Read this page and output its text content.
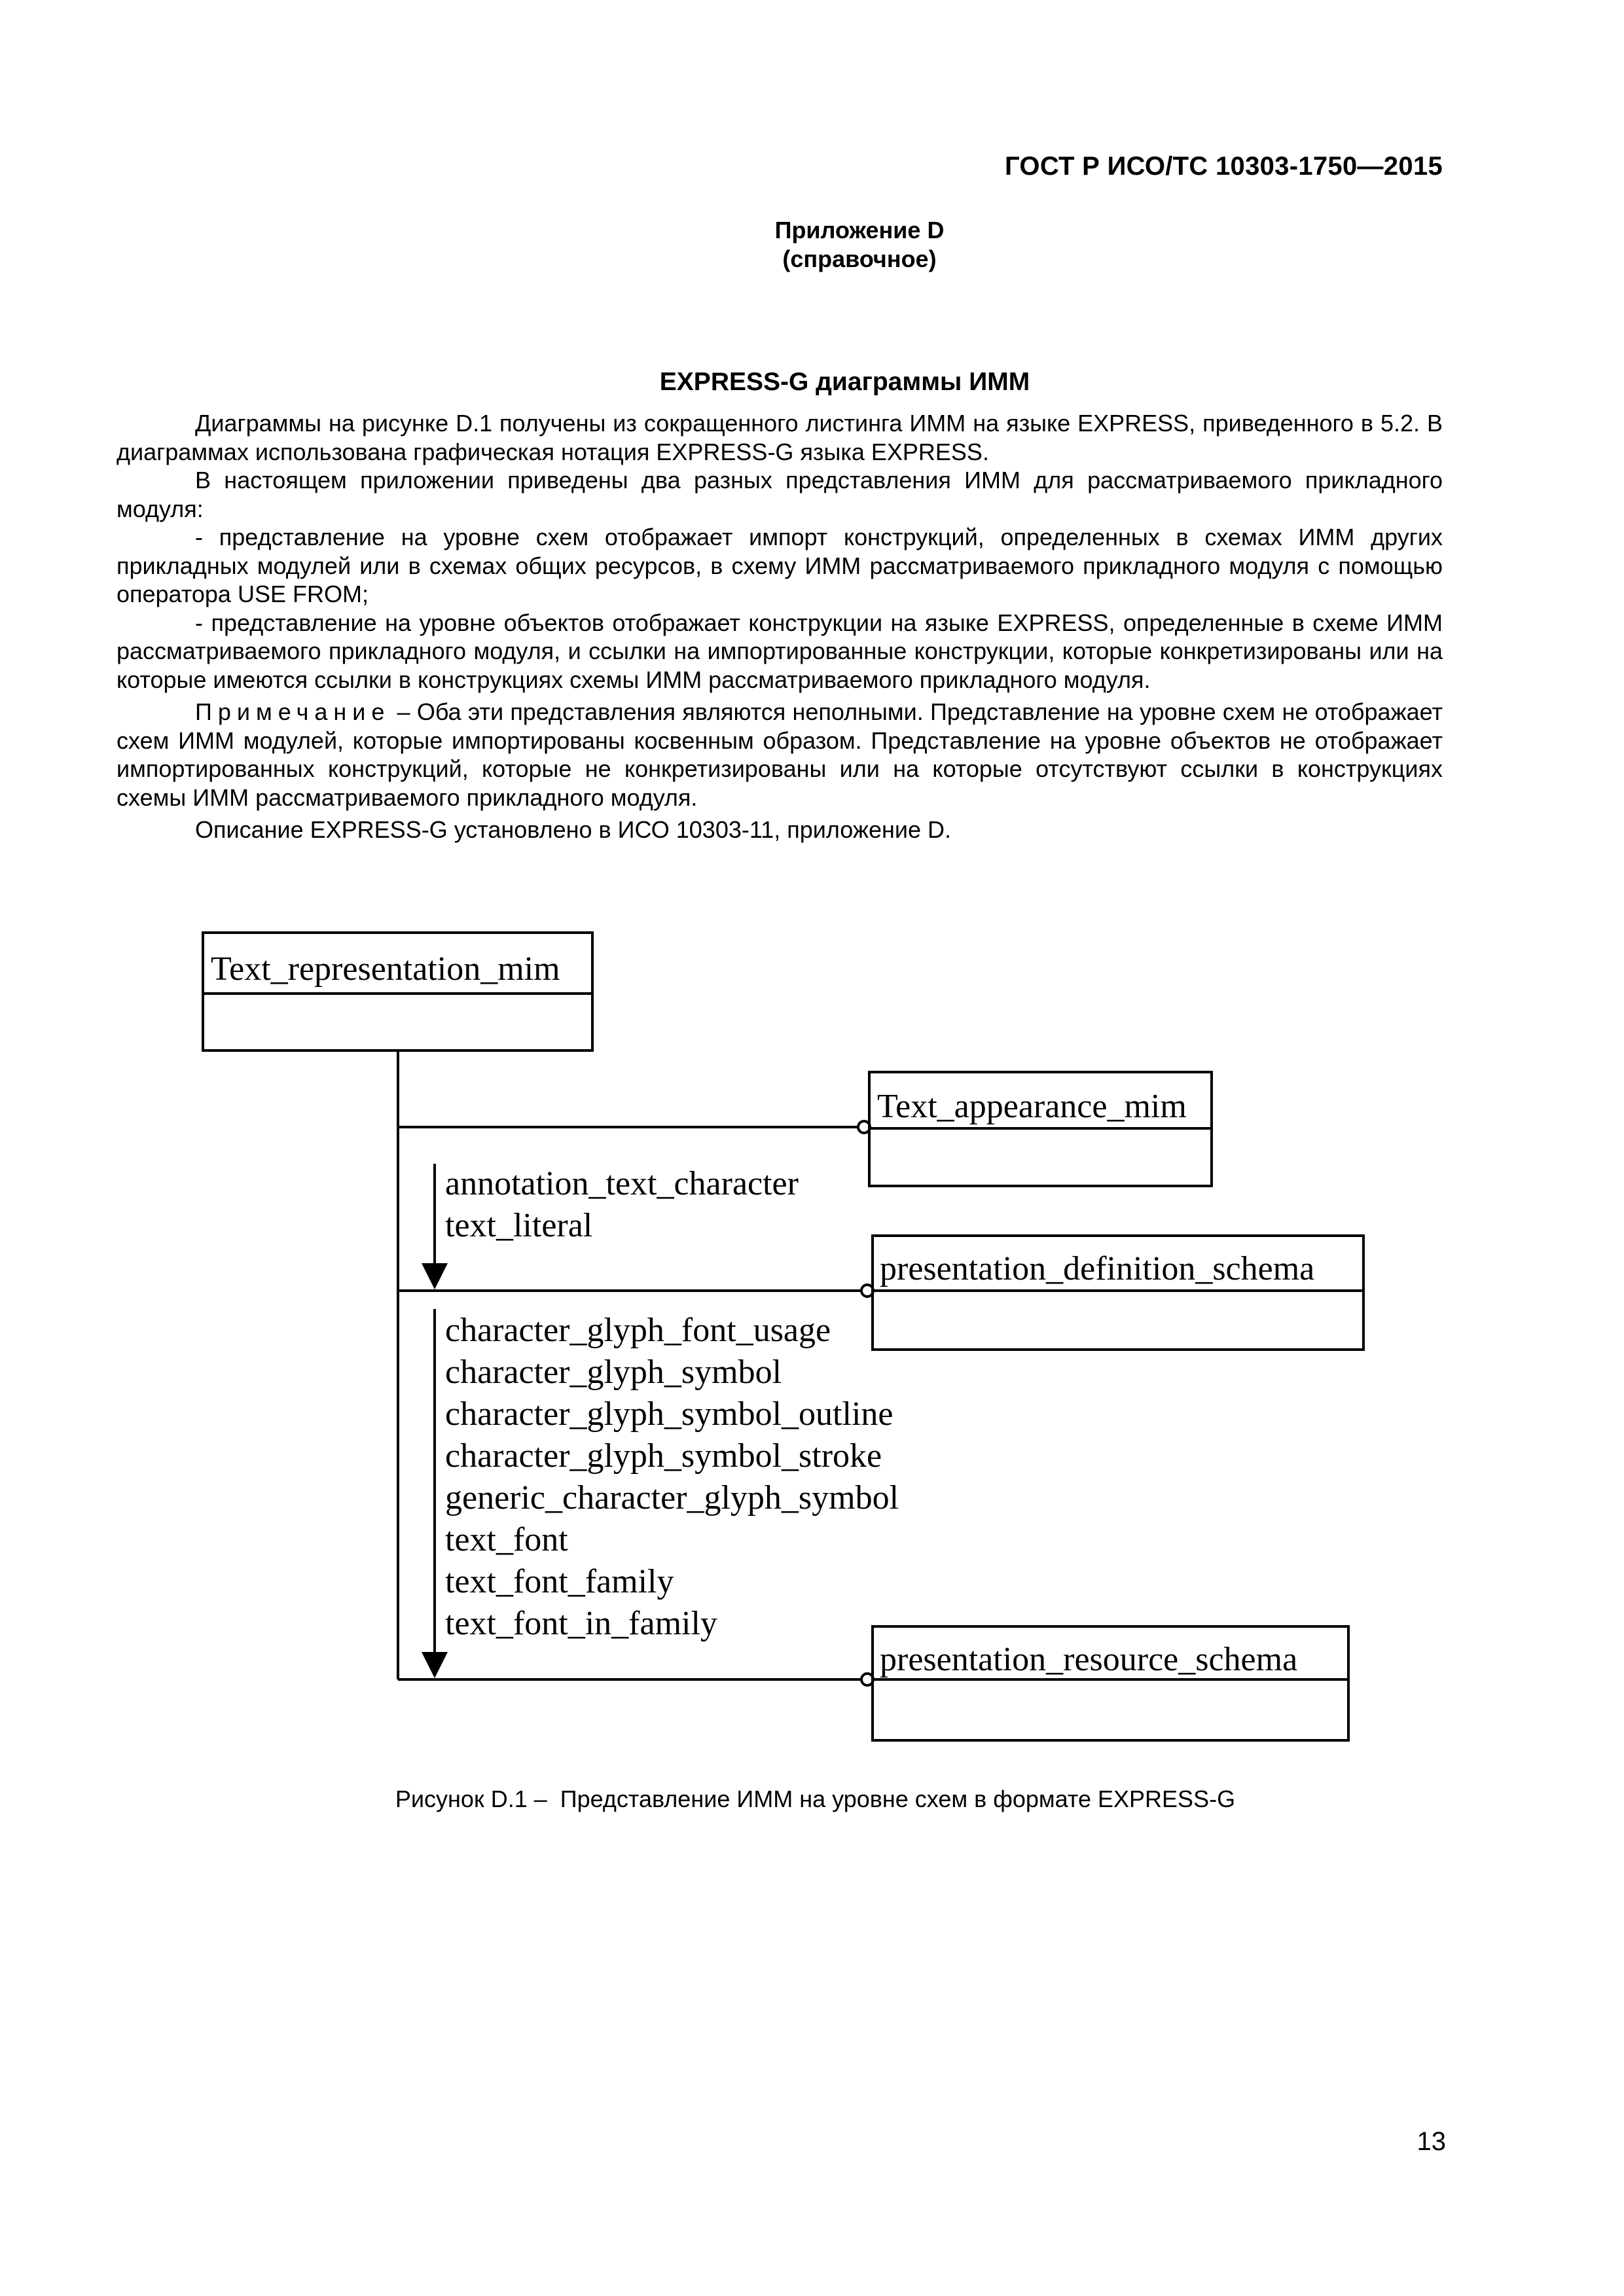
ГОСТ Р ИСО/ТС 10303-1750—2015
Приложение D
(справочное)
EXPRESS-G диаграммы ИММ

Диаграммы на рисунке D.1 получены из сокращенного листинга ИММ на языке EXPRESS, приведенного в 5.2. В диаграммах использована графическая нотация EXPRESS-G языка EXPRESS.

В настоящем приложении приведены два разных представления ИММ для рассматриваемого прикладного модуля:

- представление на уровне схем отображает импорт конструкций, определенных в схемах ИММ других прикладных модулей или в схемах общих ресурсов, в схему ИММ рассматриваемого прикладного модуля с помощью оператора USE FROM;

- представление на уровне объектов отображает конструкции на языке EXPRESS, определенные в схеме ИММ рассматриваемого прикладного модуля, и ссылки на импортированные конструкции, которые конкретизированы или на которые имеются ссылки в конструкциях схемы ИММ рассматриваемого прикладного модуля.

Примечание – Оба эти представления являются неполными. Представление на уровне схем не отображает схем ИММ модулей, которые импортированы косвенным образом. Представление на уровне объектов не отображает импортированных конструкций, которые не конкретизированы или на которые отсутствуют ссылки в конструкциях схемы ИММ рассматриваемого прикладного модуля.

Описание EXPRESS-G установлено в ИСО 10303-11, приложение D.

Text_representation_mim
Text_appearance_mim
presentation_definition_schema
presentation_resource_schema
annotation_text_character
text_literal
character_glyph_font_usage
character_glyph_symbol
character_glyph_symbol_outline
character_glyph_symbol_stroke
generic_character_glyph_symbol
text_font
text_font_family
text_font_in_family
Рисунок D.1 – Представление ИММ на уровне схем в формате EXPRESS-G
13
